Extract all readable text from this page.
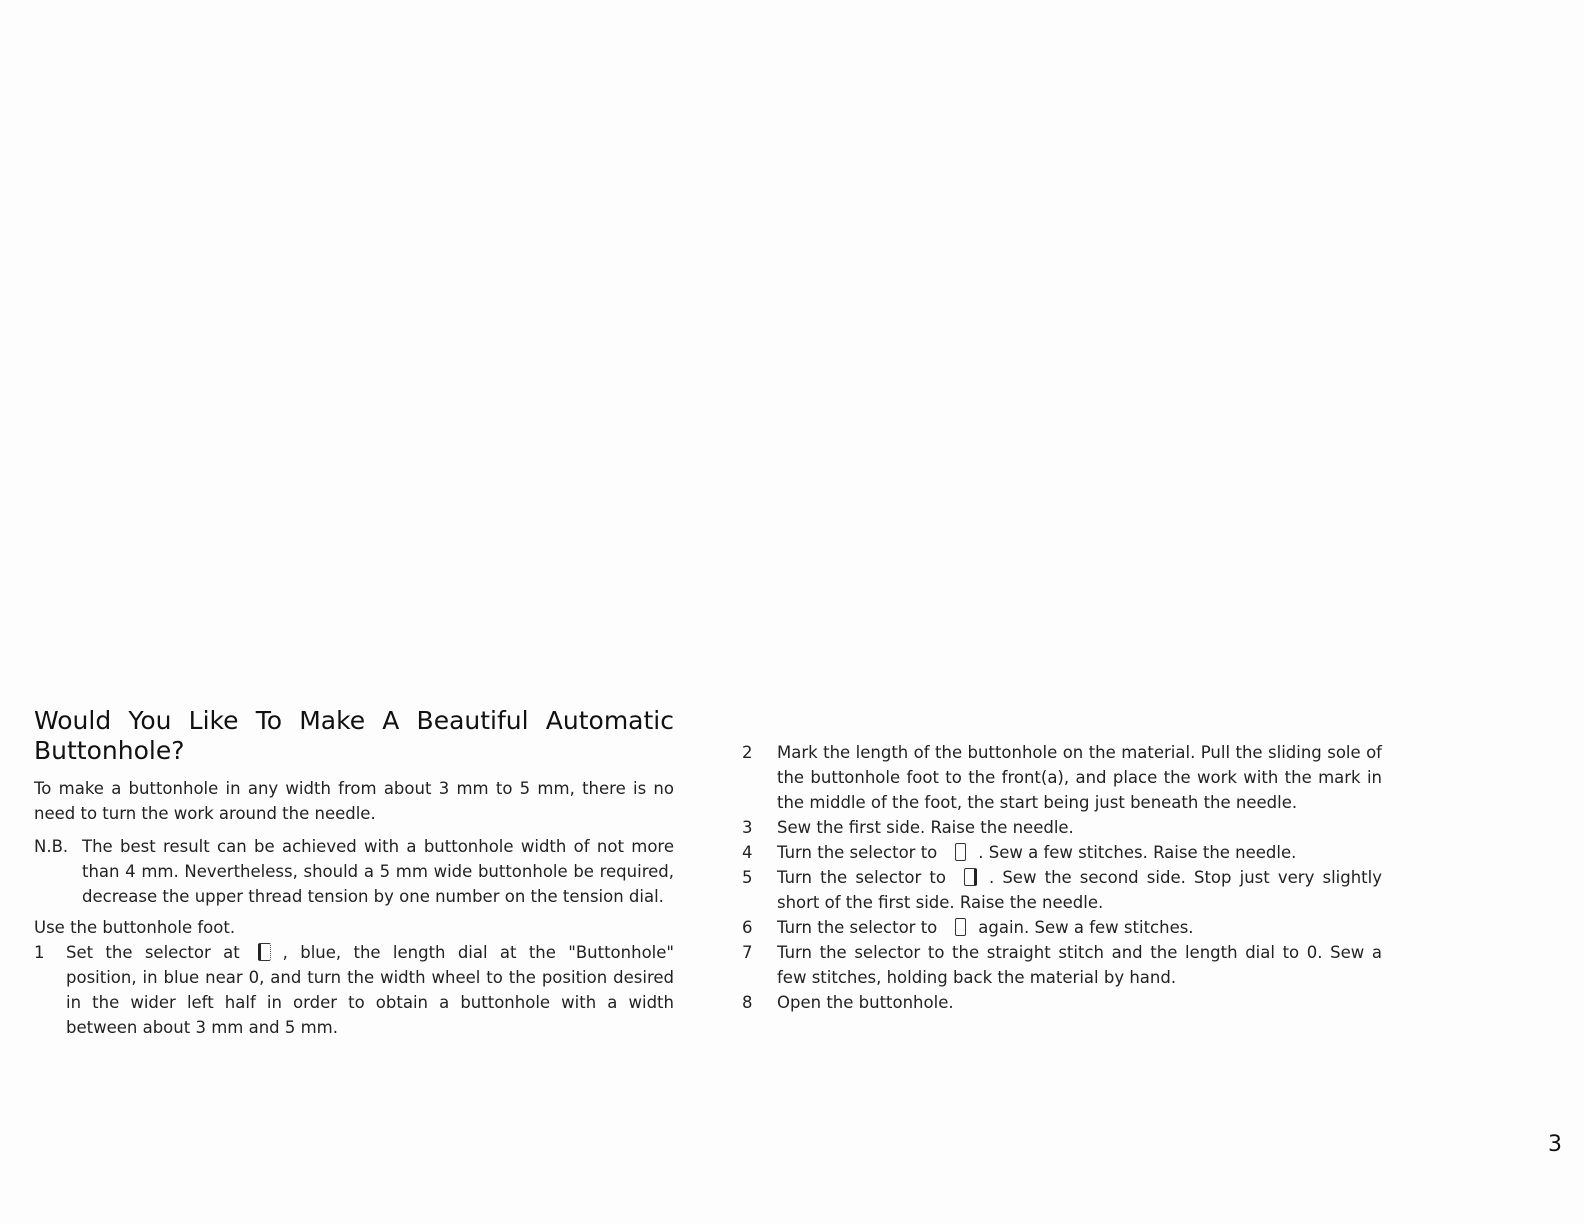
Would You Like To Make A Beautiful Automatic Buttonhole?

To make a buttonhole in any width from about 3 mm to 5 mm, there is no need to turn the work around the needle.

N.B. The best result can be achieved with a buttonhole width of not more than 4 mm. Nevertheless, should a 5 mm wide buttonhole be required, decrease the upper thread tension by one number on the tension dial.

Use the buttonhole foot.

1	Set the selector at	, blue, the length dial at the "Buttonhole" position, in blue near 0, and turn the width wheel to the position desired in the wider left half in order to obtain a buttonhole with a width between about 3 mm and 5 mm.
2	Mark the length of the buttonhole on the material. Pull the sliding sole of the buttonhole foot to the front(a), and place the work with the mark in the middle of the foot, the start being just beneath the needle.
3	Sew the first side. Raise the needle.
4	Turn the selector to . Sew a few stitches. Raise the needle.
5	Turn the selector to	. Sew the second side. Stop just very slightly short of the first side. Raise the needle.
6	Turn the selector to again. Sew a few stitches.
7	Turn the selector to the straight stitch and the length dial to 0. Sew a few stitches, holding back the material by hand.
8	Open the buttonhole.
3
